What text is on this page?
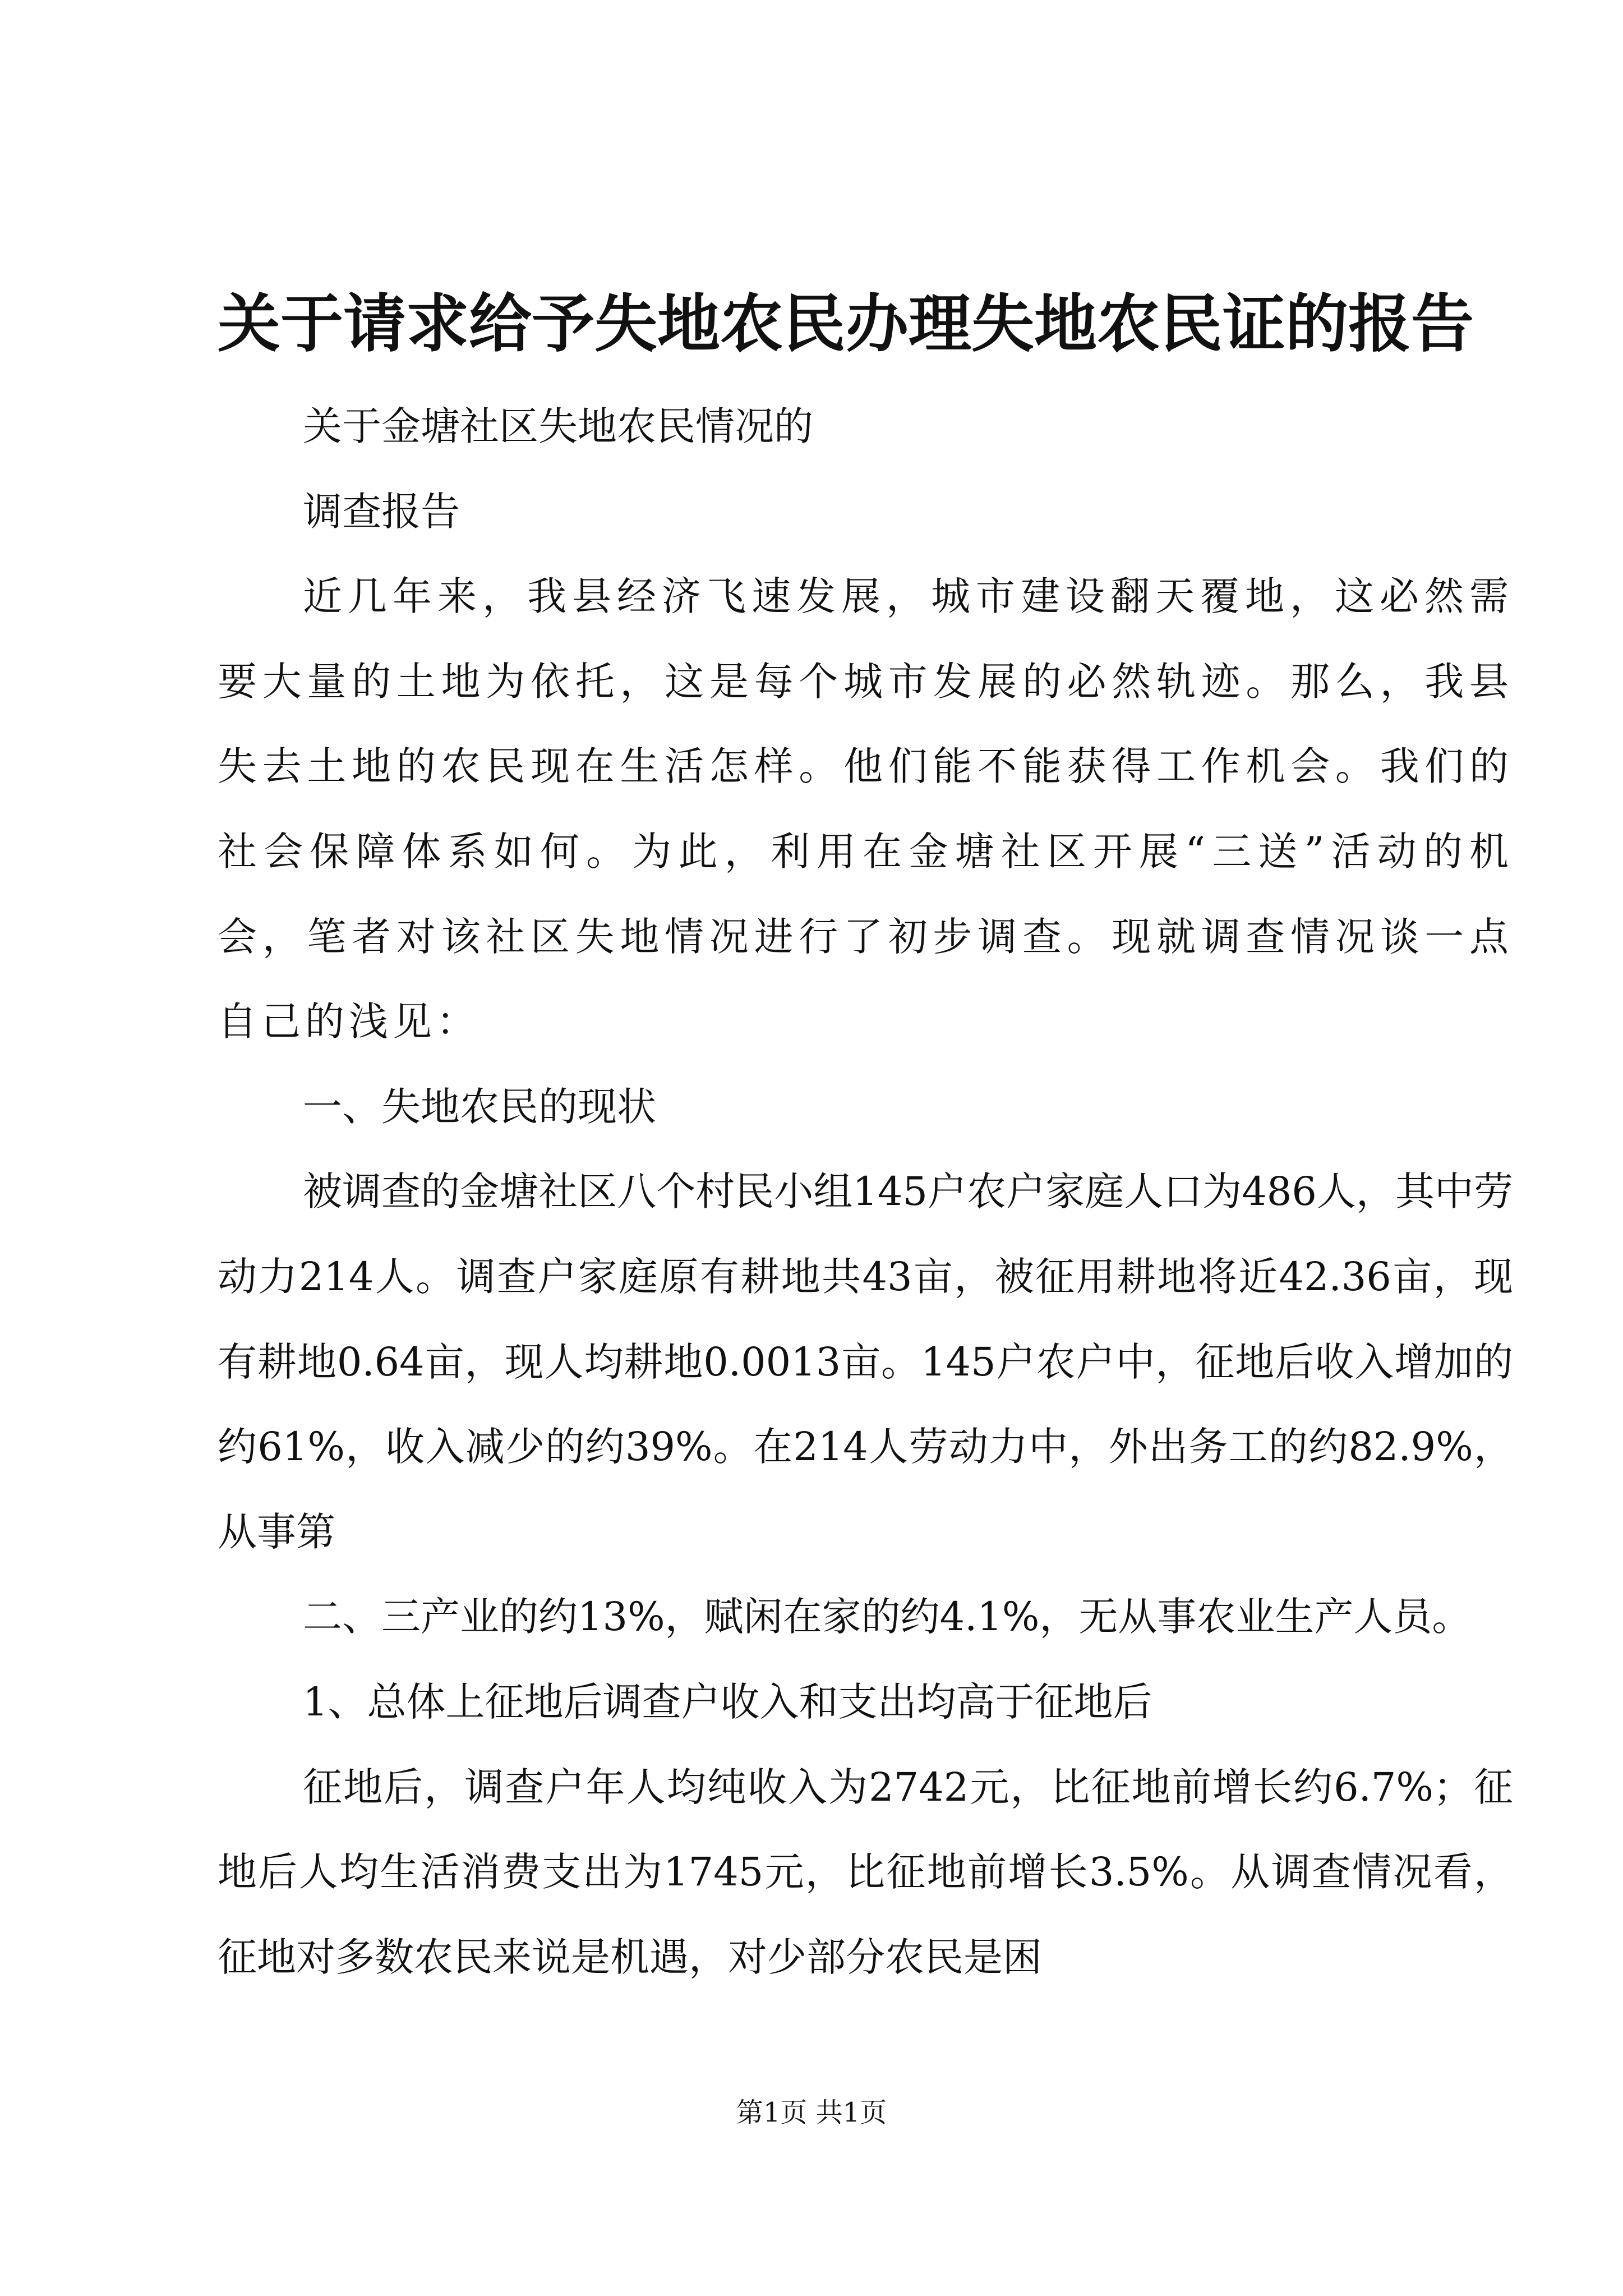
关于请求给予失地农民办理失地农民证的报告

关于金塘社区失地农民情况的

调查报告

近几年来，我县经济飞速发展，城市建设翻天覆地，这必然需要大量的土地为依托，这是每个城市发展的必然轨迹。那么，我县失去土地的农民现在生活怎样。他们能不能获得工作机会。我们的社会保障体系如何。为此，利用在金塘社区开展“三送”活动的机会，笔者对该社区失地情况进行了初步调查。现就调查情况谈一点自己的浅见：

一、失地农民的现状

被调查的金塘社区八个村民小组145户农户家庭人口为486人，其中劳动力214人。调查户家庭原有耕地共43亩，被征用耕地将近42.36亩，现有耕地0.64亩，现人均耕地0.0013亩。145户农户中，征地后收入增加的约61%，收入减少的约39%。在214人劳动力中，外出务工的约82.9%，从事第

二、三产业的约13%，赋闲在家的约4.1%，无从事农业生产人员。

1、总体上征地后调查户收入和支出均高于征地后

征地后，调查户年人均纯收入为2742元，比征地前增长约6.7%；征地后人均生活消费支出为1745元，比征地前增长3.5%。从调查情况看，征地对多数农民来说是机遇，对少部分农民是困

第1页 共1页
